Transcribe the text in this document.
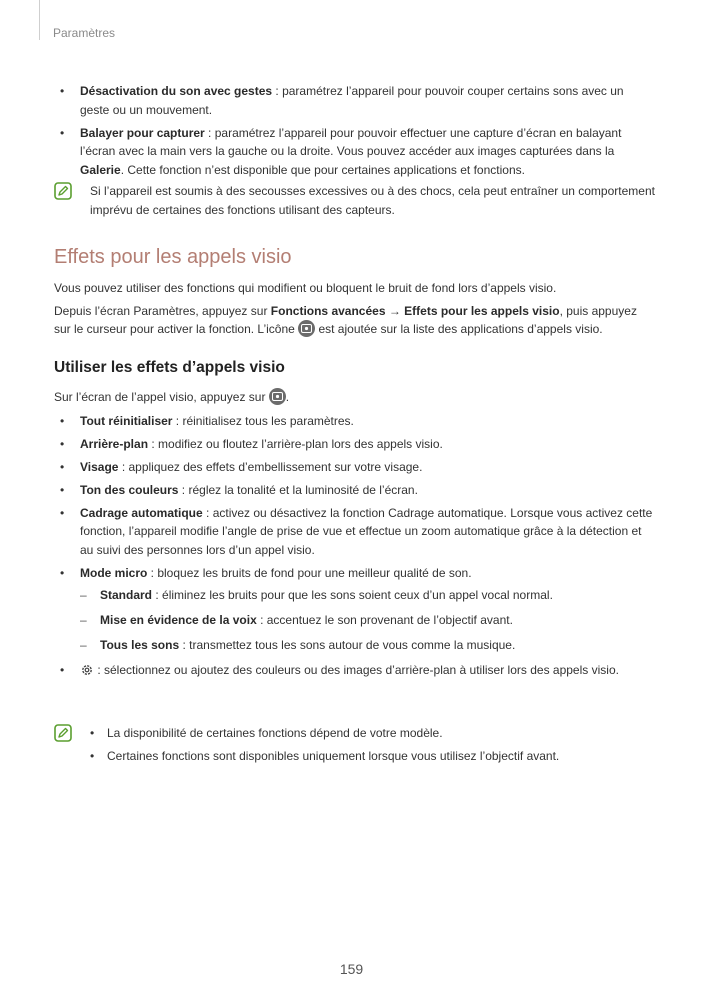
Paramètres
• Désactivation du son avec gestes : paramétrez l’appareil pour pouvoir couper certains sons avec un geste ou un mouvement.
• Balayer pour capturer : paramétrez l’appareil pour pouvoir effectuer une capture d’écran en balayant l’écran avec la main vers la gauche ou la droite. Vous pouvez accéder aux images capturées dans la Galerie. Cette fonction n’est disponible que pour certaines applications et fonctions.
Si l’appareil est soumis à des secousses excessives ou à des chocs, cela peut entraîner un comportement imprévu de certaines des fonctions utilisant des capteurs.
Effets pour les appels visio
Vous pouvez utiliser des fonctions qui modifient ou bloquent le bruit de fond lors d’appels visio.
Depuis l’écran Paramètres, appuyez sur Fonctions avancées → Effets pour les appels visio, puis appuyez sur le curseur pour activer la fonction. L’icône
est ajoutée sur la liste des applications d’appels visio.
Utiliser les effets d’appels visio
Sur l’écran de l’appel visio, appuyez sur
.
• Tout réinitialiser : réinitialisez tous les paramètres.
• Arrière-plan : modifiez ou floutez l’arrière-plan lors des appels visio.
• Visage : appliquez des effets d’embellissement sur votre visage.
• Ton des couleurs : réglez la tonalité et la luminosité de l’écran.
• Cadrage automatique : activez ou désactivez la fonction Cadrage automatique. Lorsque vous activez cette fonction, l’appareil modifie l’angle de prise de vue et effectue un zoom automatique grâce à la détection et au suivi des personnes lors d’un appel visio.
• Mode micro : bloquez les bruits de fond pour une meilleur qualité de son.
– Standard : éliminez les bruits pour que les sons soient ceux d’un appel vocal normal.
– Mise en évidence de la voix : accentuez le son provenant de l’objectif avant.
– Tous les sons : transmettez tous les sons autour de vous comme la musique.
• : sélectionnez ou ajoutez des couleurs ou des images d’arrière-plan à utiliser lors des appels visio.
• La disponibilité de certaines fonctions dépend de votre modèle.
• Certaines fonctions sont disponibles uniquement lorsque vous utilisez l’objectif avant.
159
